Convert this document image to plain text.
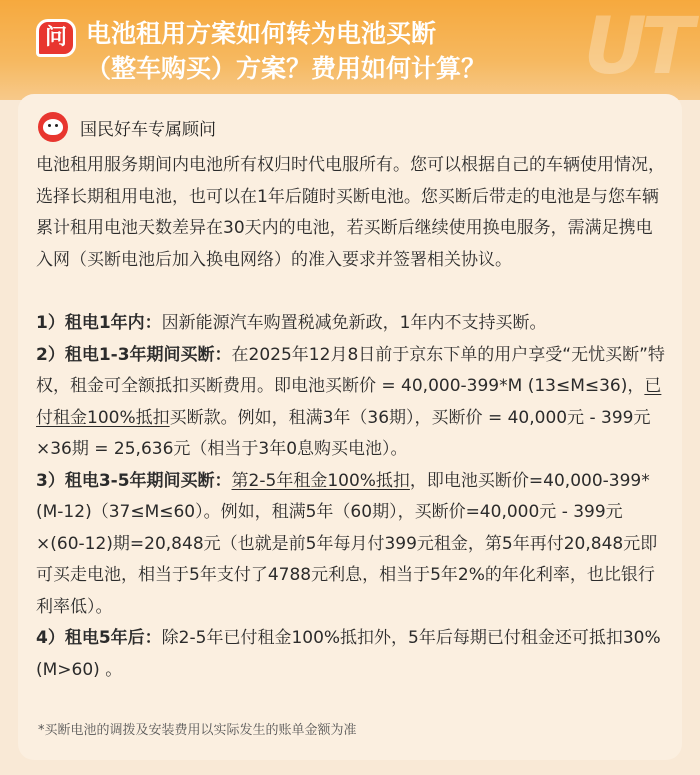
UT
问 电池租用方案如何转为电池买断
（整车购买）方案？费用如何计算？
国民好车专属顾问

电池租用服务期间内电池所有权归时代电服所有。您可以根据自己的车辆使用情况，选择长期租用电池，也可以在1年后随时买断电池。您买断后带走的电池是与您车辆累计租用电池天数差异在30天内的电池，若买断后继续使用换电服务，需满足携电入网（买断电池后加入换电网络）的准入要求并签署相关协议。

1）租电1年内：因新能源汽车购置税减免新政，1年内不支持买断。

2）租电1-3年期间买断：在2025年12月8日前于京东下单的用户享受“无忧买断”特权，租金可全额抵扣买断费用。即电池买断价 = 40,000-399*M (13≤M≤36)，已付租金100%抵扣买断款。例如，租满3年（36期），买断价 = 40,000元 - 399元×36期 = 25,636元（相当于3年0息购买电池）。

3）租电3-5年期间买断：第2-5年租金100%抵扣，即电池买断价=40,000-399*(M-12)（37≤M≤60）。例如，租满5年（60期），买断价=40,000元 - 399元×(60-12)期=20,848元（也就是前5年每月付399元租金，第5年再付20,848元即可买走电池，相当于5年支付了4788元利息，相当于5年2%的年化利率，也比银行利率低）。

4）租电5年后：除2-5年已付租金100%抵扣外，5年后每期已付租金还可抵扣30% (M>60) 。

*买断电池的调拨及安装费用以实际发生的账单金额为准
